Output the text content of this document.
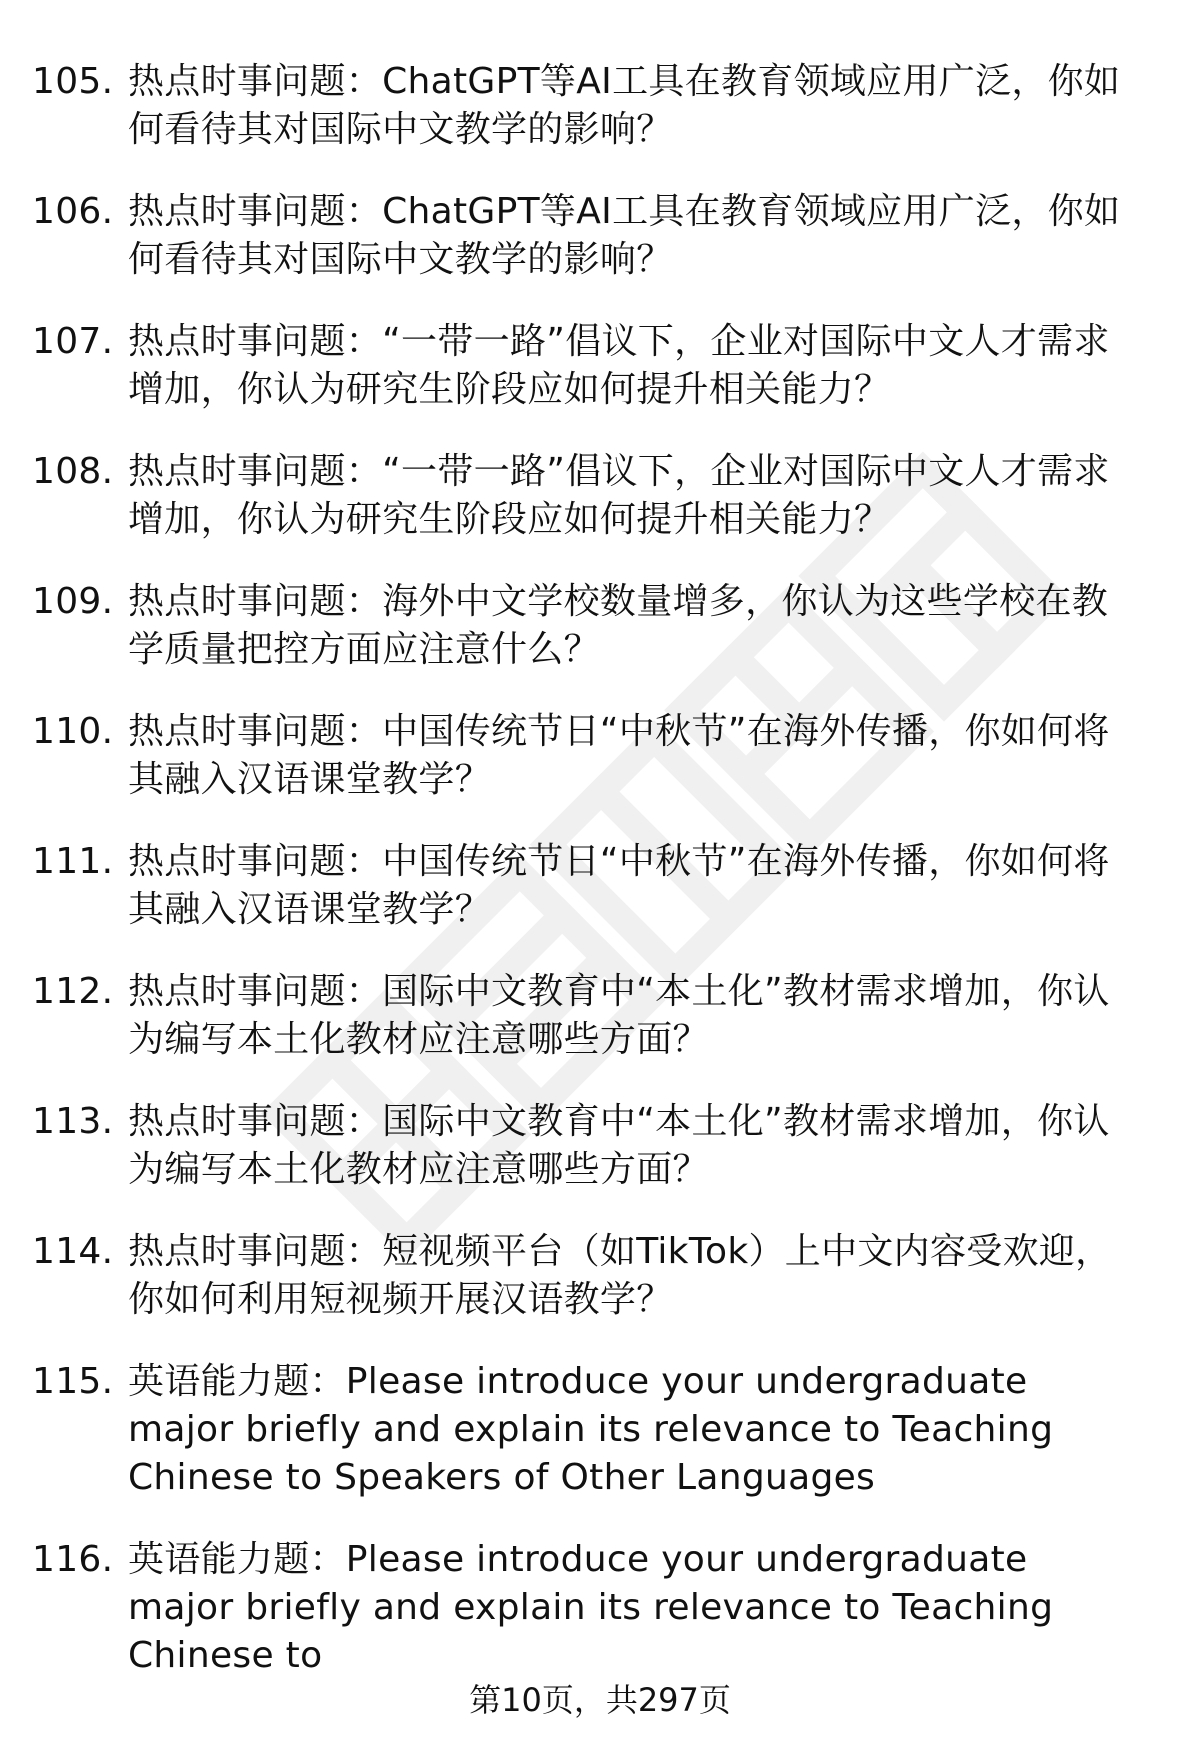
105. 热点时事问题：ChatGPT等AI工具在教育领域应用广泛，你如何看待其对国际中文教学的影响？
106. 热点时事问题：ChatGPT等AI工具在教育领域应用广泛，你如何看待其对国际中文教学的影响？
107. 热点时事问题：“一带一路”倡议下，企业对国际中文人才需求增加，你认为研究生阶段应如何提升相关能力？
108. 热点时事问题：“一带一路”倡议下，企业对国际中文人才需求增加，你认为研究生阶段应如何提升相关能力？
109. 热点时事问题：海外中文学校数量增多，你认为这些学校在教学质量把控方面应注意什么？
110. 热点时事问题：中国传统节日“中秋节”在海外传播，你如何将其融入汉语课堂教学？
111. 热点时事问题：中国传统节日“中秋节”在海外传播，你如何将其融入汉语课堂教学？
112. 热点时事问题：国际中文教育中“本土化”教材需求增加，你认为编写本土化教材应注意哪些方面？
113. 热点时事问题：国际中文教育中“本土化”教材需求增加，你认为编写本土化教材应注意哪些方面？
114. 热点时事问题：短视频平台（如TikTok）上中文内容受欢迎，你如何利用短视频开展汉语教学？
115. 英语能力题：Please introduce your undergraduate major briefly and explain its relevance to Teaching Chinese to Speakers of Other Languages
116. 英语能力题：Please introduce your undergraduate major briefly and explain its relevance to Teaching Chinese to
第10页，共297页
